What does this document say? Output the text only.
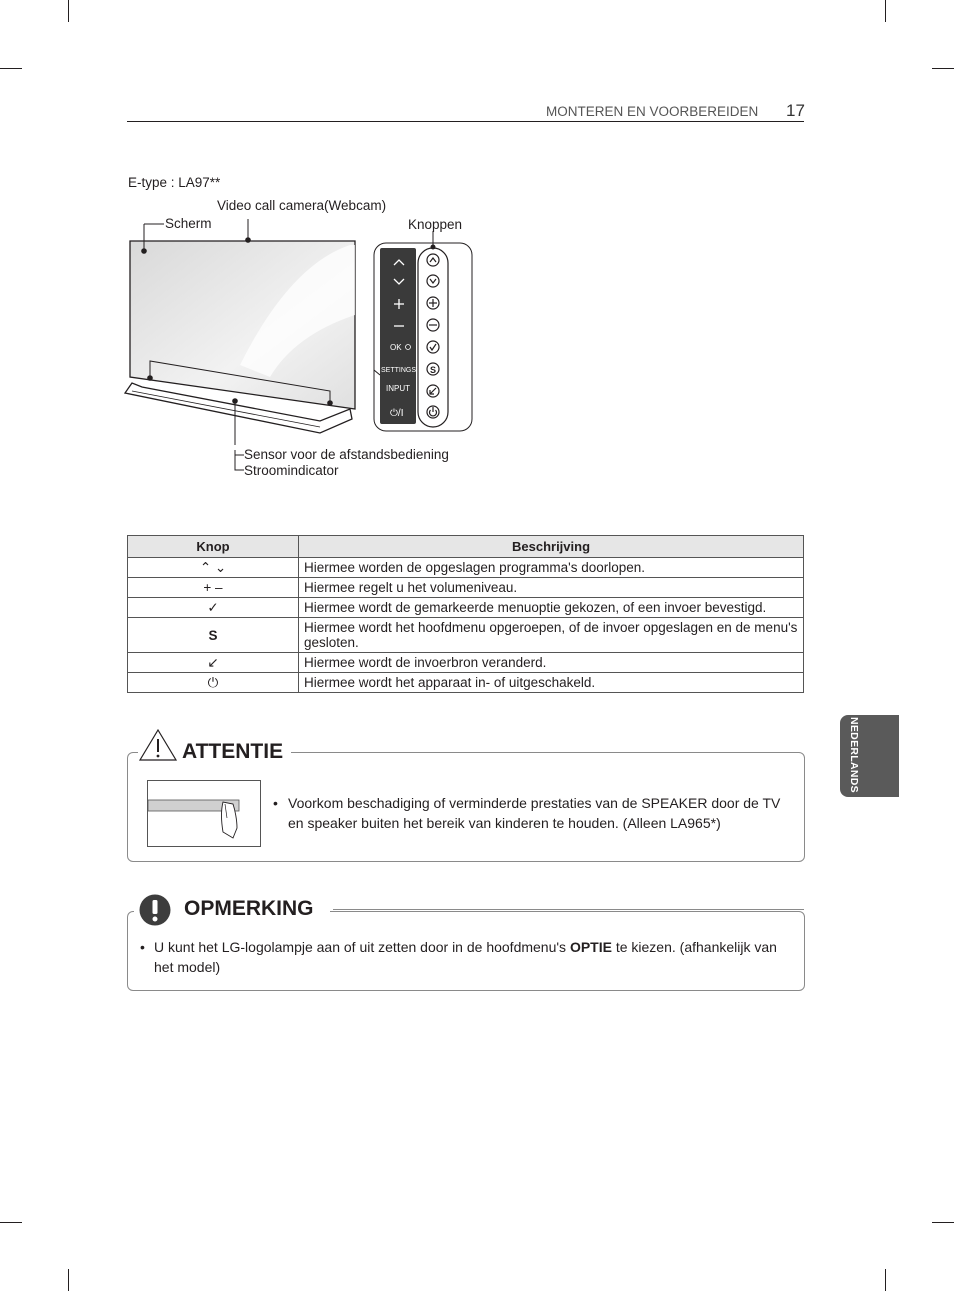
MONTEREN EN VOORBEREIDEN 17
E-type : LA97**
Video call camera(Webcam)
Scherm	Knoppen
Sensor voor de afstandsbediening
Stroomindicator
OK
SETTINGS
INPUT
⏻/I
S
Knop	Beschrijving
⌃ ⌄	Hiermee worden de opgeslagen programma's doorlopen.
+ –	Hiermee regelt u het volumeniveau.
✓	Hiermee wordt de gemarkeerde menuoptie gekozen, of een invoer bevestigd.
S	Hiermee wordt het hoofdmenu opgeroepen, of de invoer opgeslagen en de menu's gesloten.
↙	Hiermee wordt de invoerbron veranderd.
⏻	Hiermee wordt het apparaat in- of uitgeschakeld.
ATTENTIE
• Voorkom beschadiging of verminderde prestaties van de SPEAKER door de TV en speaker buiten het bereik van kinderen te houden. (Alleen LA965*)
OPMERKING
• U kunt het LG-logolampje aan of uit zetten door in de hoofdmenu's OPTIE te kiezen. (afhankelijk van het model)
NEDERLANDS
